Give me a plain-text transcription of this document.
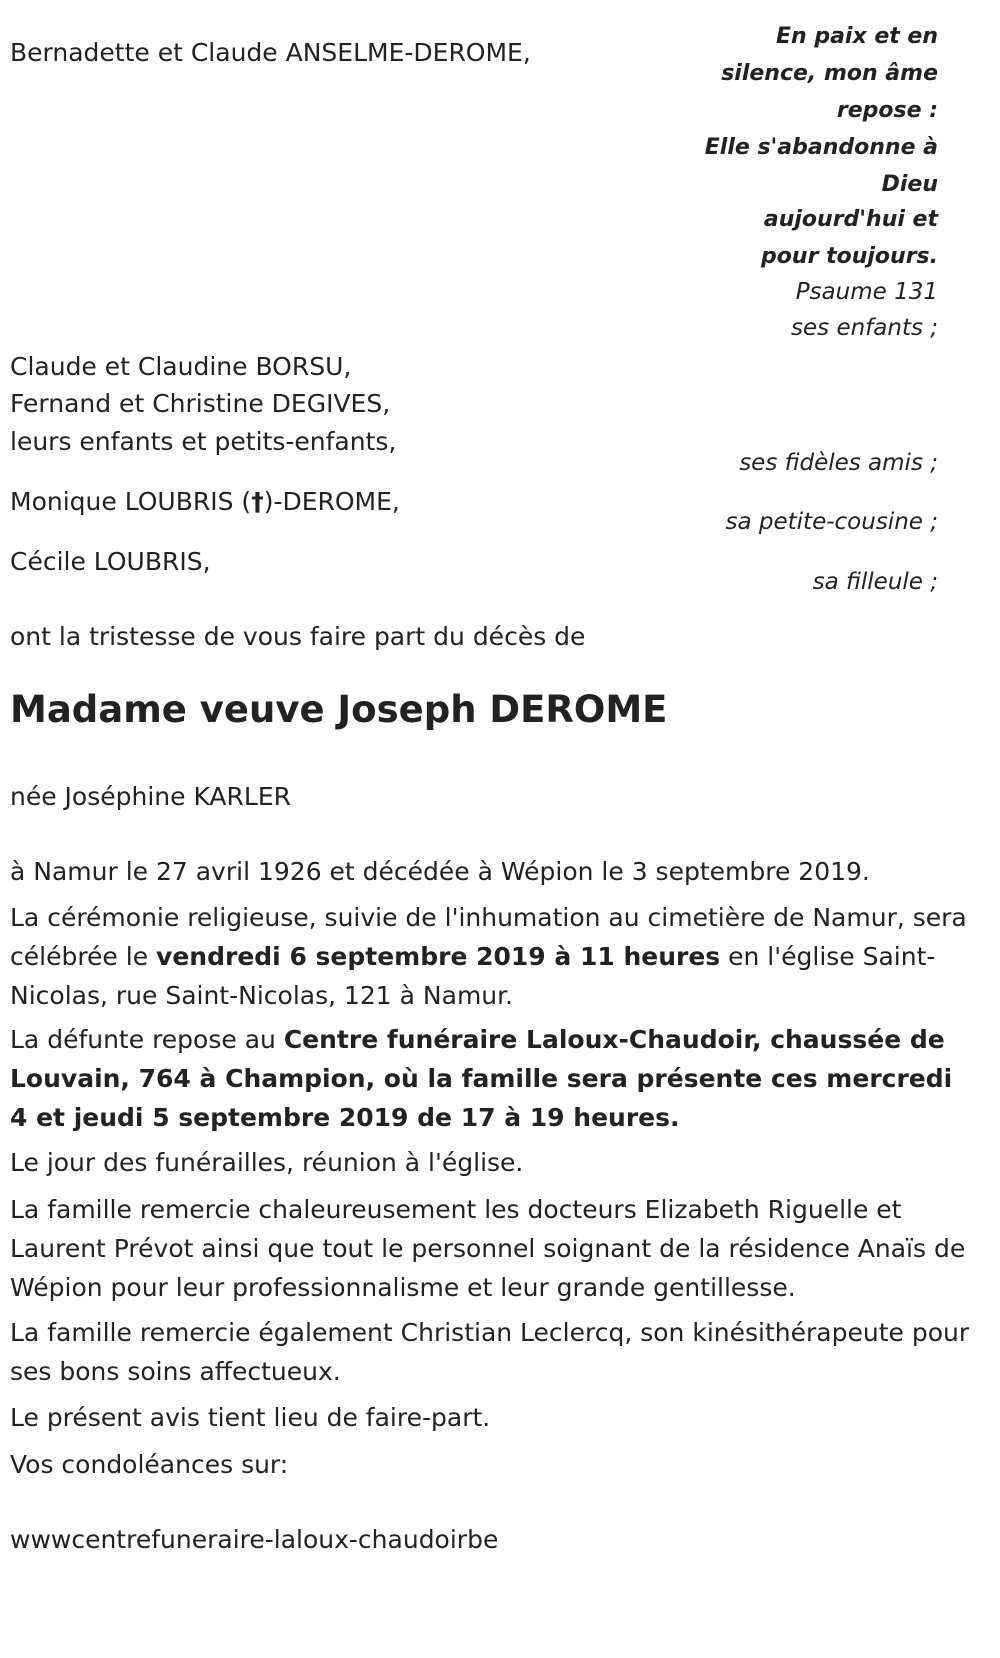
Bernadette et Claude ANSELME-DEROME,

En paix et en

silence, mon âme

repose :

Elle s'abandonne à

Dieu

aujourd'hui et

pour toujours.

Psaume 131

ses enfants ;

Claude et Claudine BORSU,

Fernand et Christine DEGIVES,

leurs enfants et petits-enfants,

ses fidèles amis ;

Monique LOUBRIS (†)-DEROME,

sa petite-cousine ;

Cécile LOUBRIS,

sa filleule ;

ont la tristesse de vous faire part du décès de

Madame veuve Joseph DEROME

née Joséphine KARLER

à Namur le 27 avril 1926 et décédée à Wépion le 3 septembre 2019.

La cérémonie religieuse, suivie de l'inhumation au cimetière de Namur, sera célébrée le vendredi 6 septembre 2019 à 11 heures en l'église Saint-Nicolas, rue Saint-Nicolas, 121 à Namur.

La défunte repose au Centre funéraire Laloux-Chaudoir, chaussée de Louvain, 764 à Champion, où la famille sera présente ces mercredi 4 et jeudi 5 septembre 2019 de 17 à 19 heures.

Le jour des funérailles, réunion à l'église.

La famille remercie chaleureusement les docteurs Elizabeth Riguelle et Laurent Prévot ainsi que tout le personnel soignant de la résidence Anaïs de Wépion pour leur professionnalisme et leur grande gentillesse.

La famille remercie également Christian Leclercq, son kinésithérapeute pour ses bons soins affectueux.

Le présent avis tient lieu de faire-part.

Vos condoléances sur:

wwwcentrefuneraire-laloux-chaudoirbe
